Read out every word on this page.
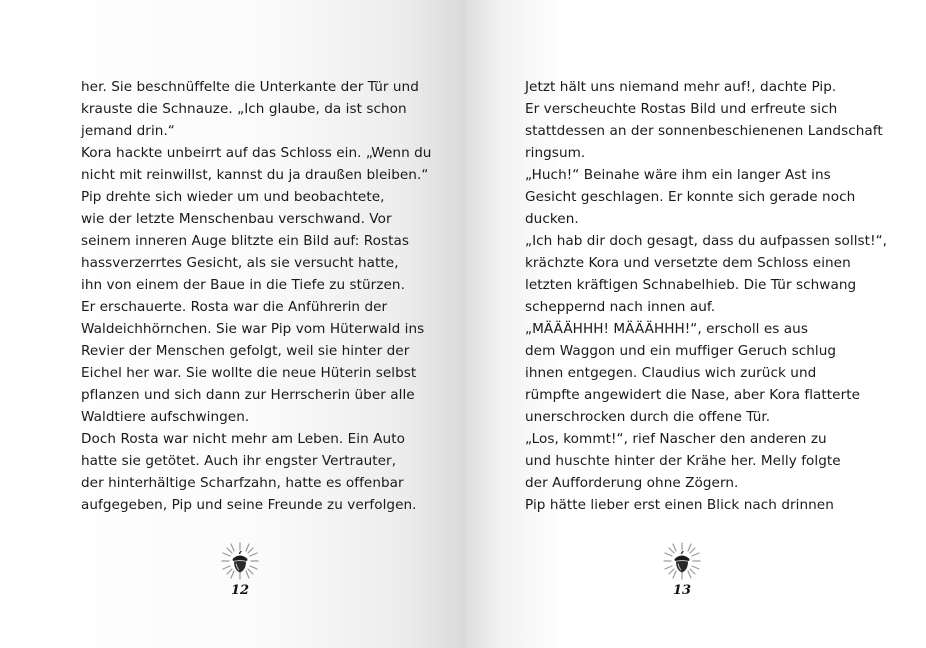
her. Sie beschnüffelte die Unterkante der Tür und
krauste die Schnauze. „Ich glaube, da ist schon
jemand drin.“
Kora hackte unbeirrt auf das Schloss ein. „Wenn du
nicht mit reinwillst, kannst du ja draußen bleiben.“
Pip drehte sich wieder um und beobachtete,
wie der letzte Menschenbau verschwand. Vor
seinem inneren Auge blitzte ein Bild auf: Rostas
hassverzerrtes Gesicht, als sie versucht hatte,
ihn von einem der Baue in die Tiefe zu stürzen.
Er erschauerte. Rosta war die Anführerin der
Waldeichhörnchen. Sie war Pip vom Hüterwald ins
Revier der Menschen gefolgt, weil sie hinter der
Eichel her war. Sie wollte die neue Hüterin selbst
pflanzen und sich dann zur Herrscherin über alle
Waldtiere aufschwingen.
Doch Rosta war nicht mehr am Leben. Ein Auto
hatte sie getötet. Auch ihr engster Vertrauter,
der hinterhältige Scharfzahn, hatte es offenbar
aufgegeben, Pip und seine Freunde zu verfolgen.
12
Jetzt hält uns niemand mehr auf!, dachte Pip.
Er verscheuchte Rostas Bild und erfreute sich
stattdessen an der sonnenbeschienenen Landschaft
ringsum.
„Huch!“ Beinahe wäre ihm ein langer Ast ins
Gesicht geschlagen. Er konnte sich gerade noch
ducken.
„Ich hab dir doch gesagt, dass du aufpassen sollst!“,
krächzte Kora und versetzte dem Schloss einen
letzten kräftigen Schnabelhieb. Die Tür schwang
scheppernd nach innen auf.
„MÄÄÄHHH! MÄÄÄHHH!“, erscholl es aus
dem Waggon und ein muffiger Geruch schlug
ihnen entgegen. Claudius wich zurück und
rümpfte angewidert die Nase, aber Kora flatterte
unerschrocken durch die offene Tür.
„Los, kommt!“, rief Nascher den anderen zu
und huschte hinter der Krähe her. Melly folgte
der Aufforderung ohne Zögern.
Pip hätte lieber erst einen Blick nach drinnen
13
